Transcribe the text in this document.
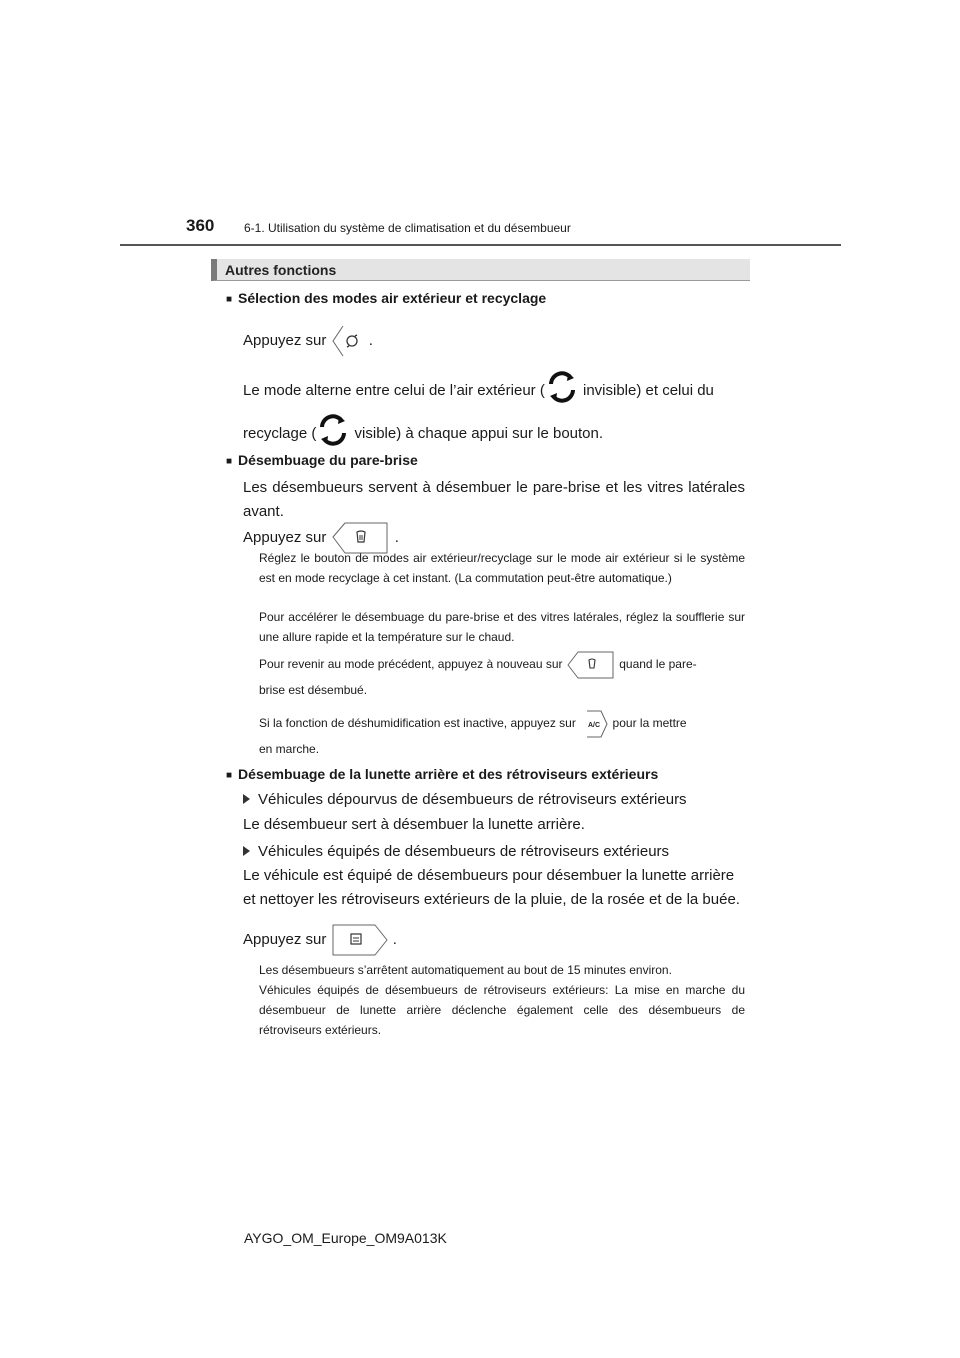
360 6-1. Utilisation du système de climatisation et du désembueur
Autres fonctions
■ Sélection des modes air extérieur et recyclage
Appuyez sur	.
Le mode alterne entre celui de l’air extérieur ( invisible) et celui du
recyclage ( visible) à chaque appui sur le bouton.
■ Désembuage du pare-brise
Les désembueurs servent à désembuer le pare-brise et les vitres latérales avant.
Appuyez sur	.
Réglez le bouton de modes air extérieur/recyclage sur le mode air extérieur si le système est en mode recyclage à cet instant. (La commutation peut-être automatique.)
Pour accélérer le désembuage du pare-brise et des vitres latérales, réglez la soufflerie sur une allure rapide et la température sur le chaud.
Pour revenir au mode précédent, appuyez à nouveau sur	quand le pare-
brise est désembué.
Si la fonction de déshumidification est inactive, appuyez sur A/C pour la mettre
en marche.
■ Désembuage de la lunette arrière et des rétroviseurs extérieurs
Véhicules dépourvus de désembueurs de rétroviseurs extérieurs
Le désembueur sert à désembuer la lunette arrière.
Véhicules équipés de désembueurs de rétroviseurs extérieurs
Le véhicule est équipé de désembueurs pour désembuer la lunette arrière
et nettoyer les rétroviseurs extérieurs de la pluie, de la rosée et de la buée.
Appuyez sur	.
Les désembueurs s’arrêtent automatiquement au bout de 15 minutes environ.
Véhicules équipés de désembueurs de rétroviseurs extérieurs: La mise en marche du désembueur de lunette arrière déclenche également celle des désembueurs de rétroviseurs extérieurs.
AYGO_OM_Europe_OM9A013K
